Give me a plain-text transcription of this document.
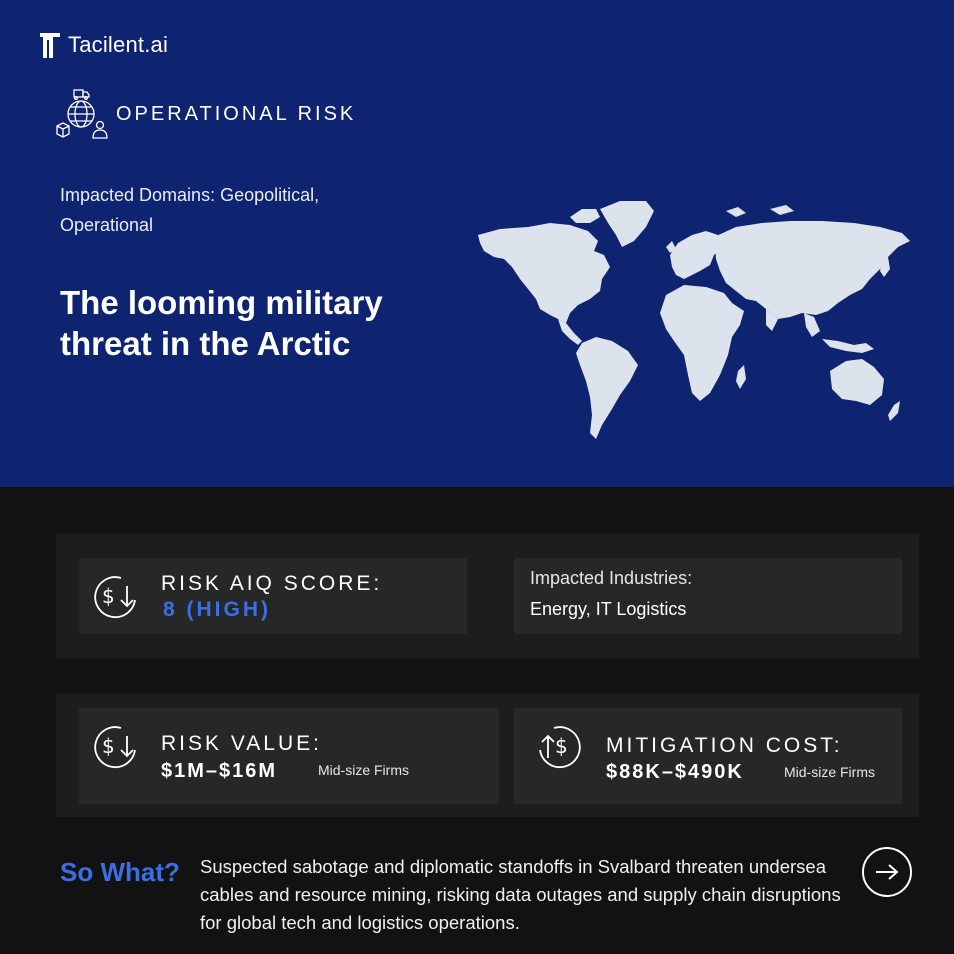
Tacilent.ai
OPERATIONAL RISK
Impacted Domains: Geopolitical, Operational
The looming military threat in the Arctic
$
RISK AIQ SCORE:
8 (HIGH)
Impacted Industries:
Energy, IT Logistics
$ RISK VALUE:
$1M–$16M	Mid-size Firms
$ MITIGATION COST:
$88K–$490K	Mid-size Firms
So What? Suspected sabotage and diplomatic standoffs in Svalbard threaten undersea cables and resource mining, risking data outages and supply chain disruptions for global tech and logistics operations.
